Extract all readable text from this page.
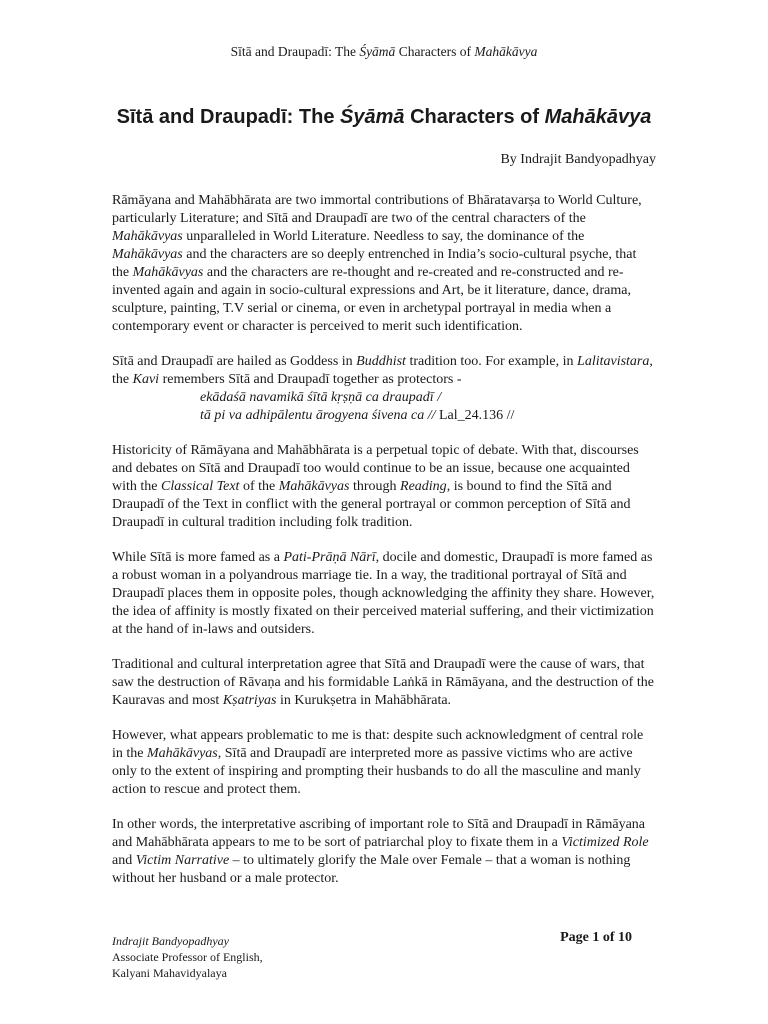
Sītā and Draupadī: The Śyāmā Characters of Mahākāvya
Sītā and Draupadī: The Śyāmā Characters of Mahākāvya
By Indrajit Bandyopadhyay

Rāmāyana and Mahābhārata are two immortal contributions of Bhāratavarṣa to World Culture, particularly Literature; and Sītā and Draupadī are two of the central characters of the Mahākāvyas unparalleled in World Literature. Needless to say, the dominance of the Mahākāvyas and the characters are so deeply entrenched in India’s socio-cultural psyche, that the Mahākāvyas and the characters are re-thought and re-created and re-constructed and re-invented again and again in socio-cultural expressions and Art, be it literature, dance, drama, sculpture, painting, T.V serial or cinema, or even in archetypal portrayal in media when a contemporary event or character is perceived to merit such identification.

Sītā and Draupadī are hailed as Goddess in Buddhist tradition too. For example, in Lalitavistara, the Kavi remembers Sītā and Draupadī together as protectors -
ekādaśā navamikā śītā kṛṣṇā ca draupadī /
tā pi va adhipālentu ārogyena śivena ca // Lal_24.136 //

Historicity of Rāmāyana and Mahābhārata is a perpetual topic of debate. With that, discourses and debates on Sītā and Draupadī too would continue to be an issue, because one acquainted with the Classical Text of the Mahākāvyas through Reading, is bound to find the Sītā and Draupadī of the Text in conflict with the general portrayal or common perception of Sītā and Draupadī in cultural tradition including folk tradition.

While Sītā is more famed as a Pati-Prāṇā Nārī, docile and domestic, Draupadī is more famed as a robust woman in a polyandrous marriage tie. In a way, the traditional portrayal of Sītā and Draupadī places them in opposite poles, though acknowledging the affinity they share. However, the idea of affinity is mostly fixated on their perceived material suffering, and their victimization at the hand of in-laws and outsiders.

Traditional and cultural interpretation agree that Sītā and Draupadī were the cause of wars, that saw the destruction of Rāvaṇa and his formidable Laṅkā in Rāmāyana, and the destruction of the Kauravas and most Kṣatriyas in Kurukṣetra in Mahābhārata.

However, what appears problematic to me is that: despite such acknowledgment of central role in the Mahākāvyas, Sītā and Draupadī are interpreted more as passive victims who are active only to the extent of inspiring and prompting their husbands to do all the masculine and manly action to rescue and protect them.

In other words, the interpretative ascribing of important role to Sītā and Draupadī in Rāmāyana and Mahābhārata appears to me to be sort of patriarchal ploy to fixate them in a Victimized Role and Victim Narrative – to ultimately glorify the Male over Female – that a woman is nothing without her husband or a male protector.

Indrajit Bandyopadhyay
Associate Professor of English,
Kalyani Mahavidyalaya
Page 1 of 10
